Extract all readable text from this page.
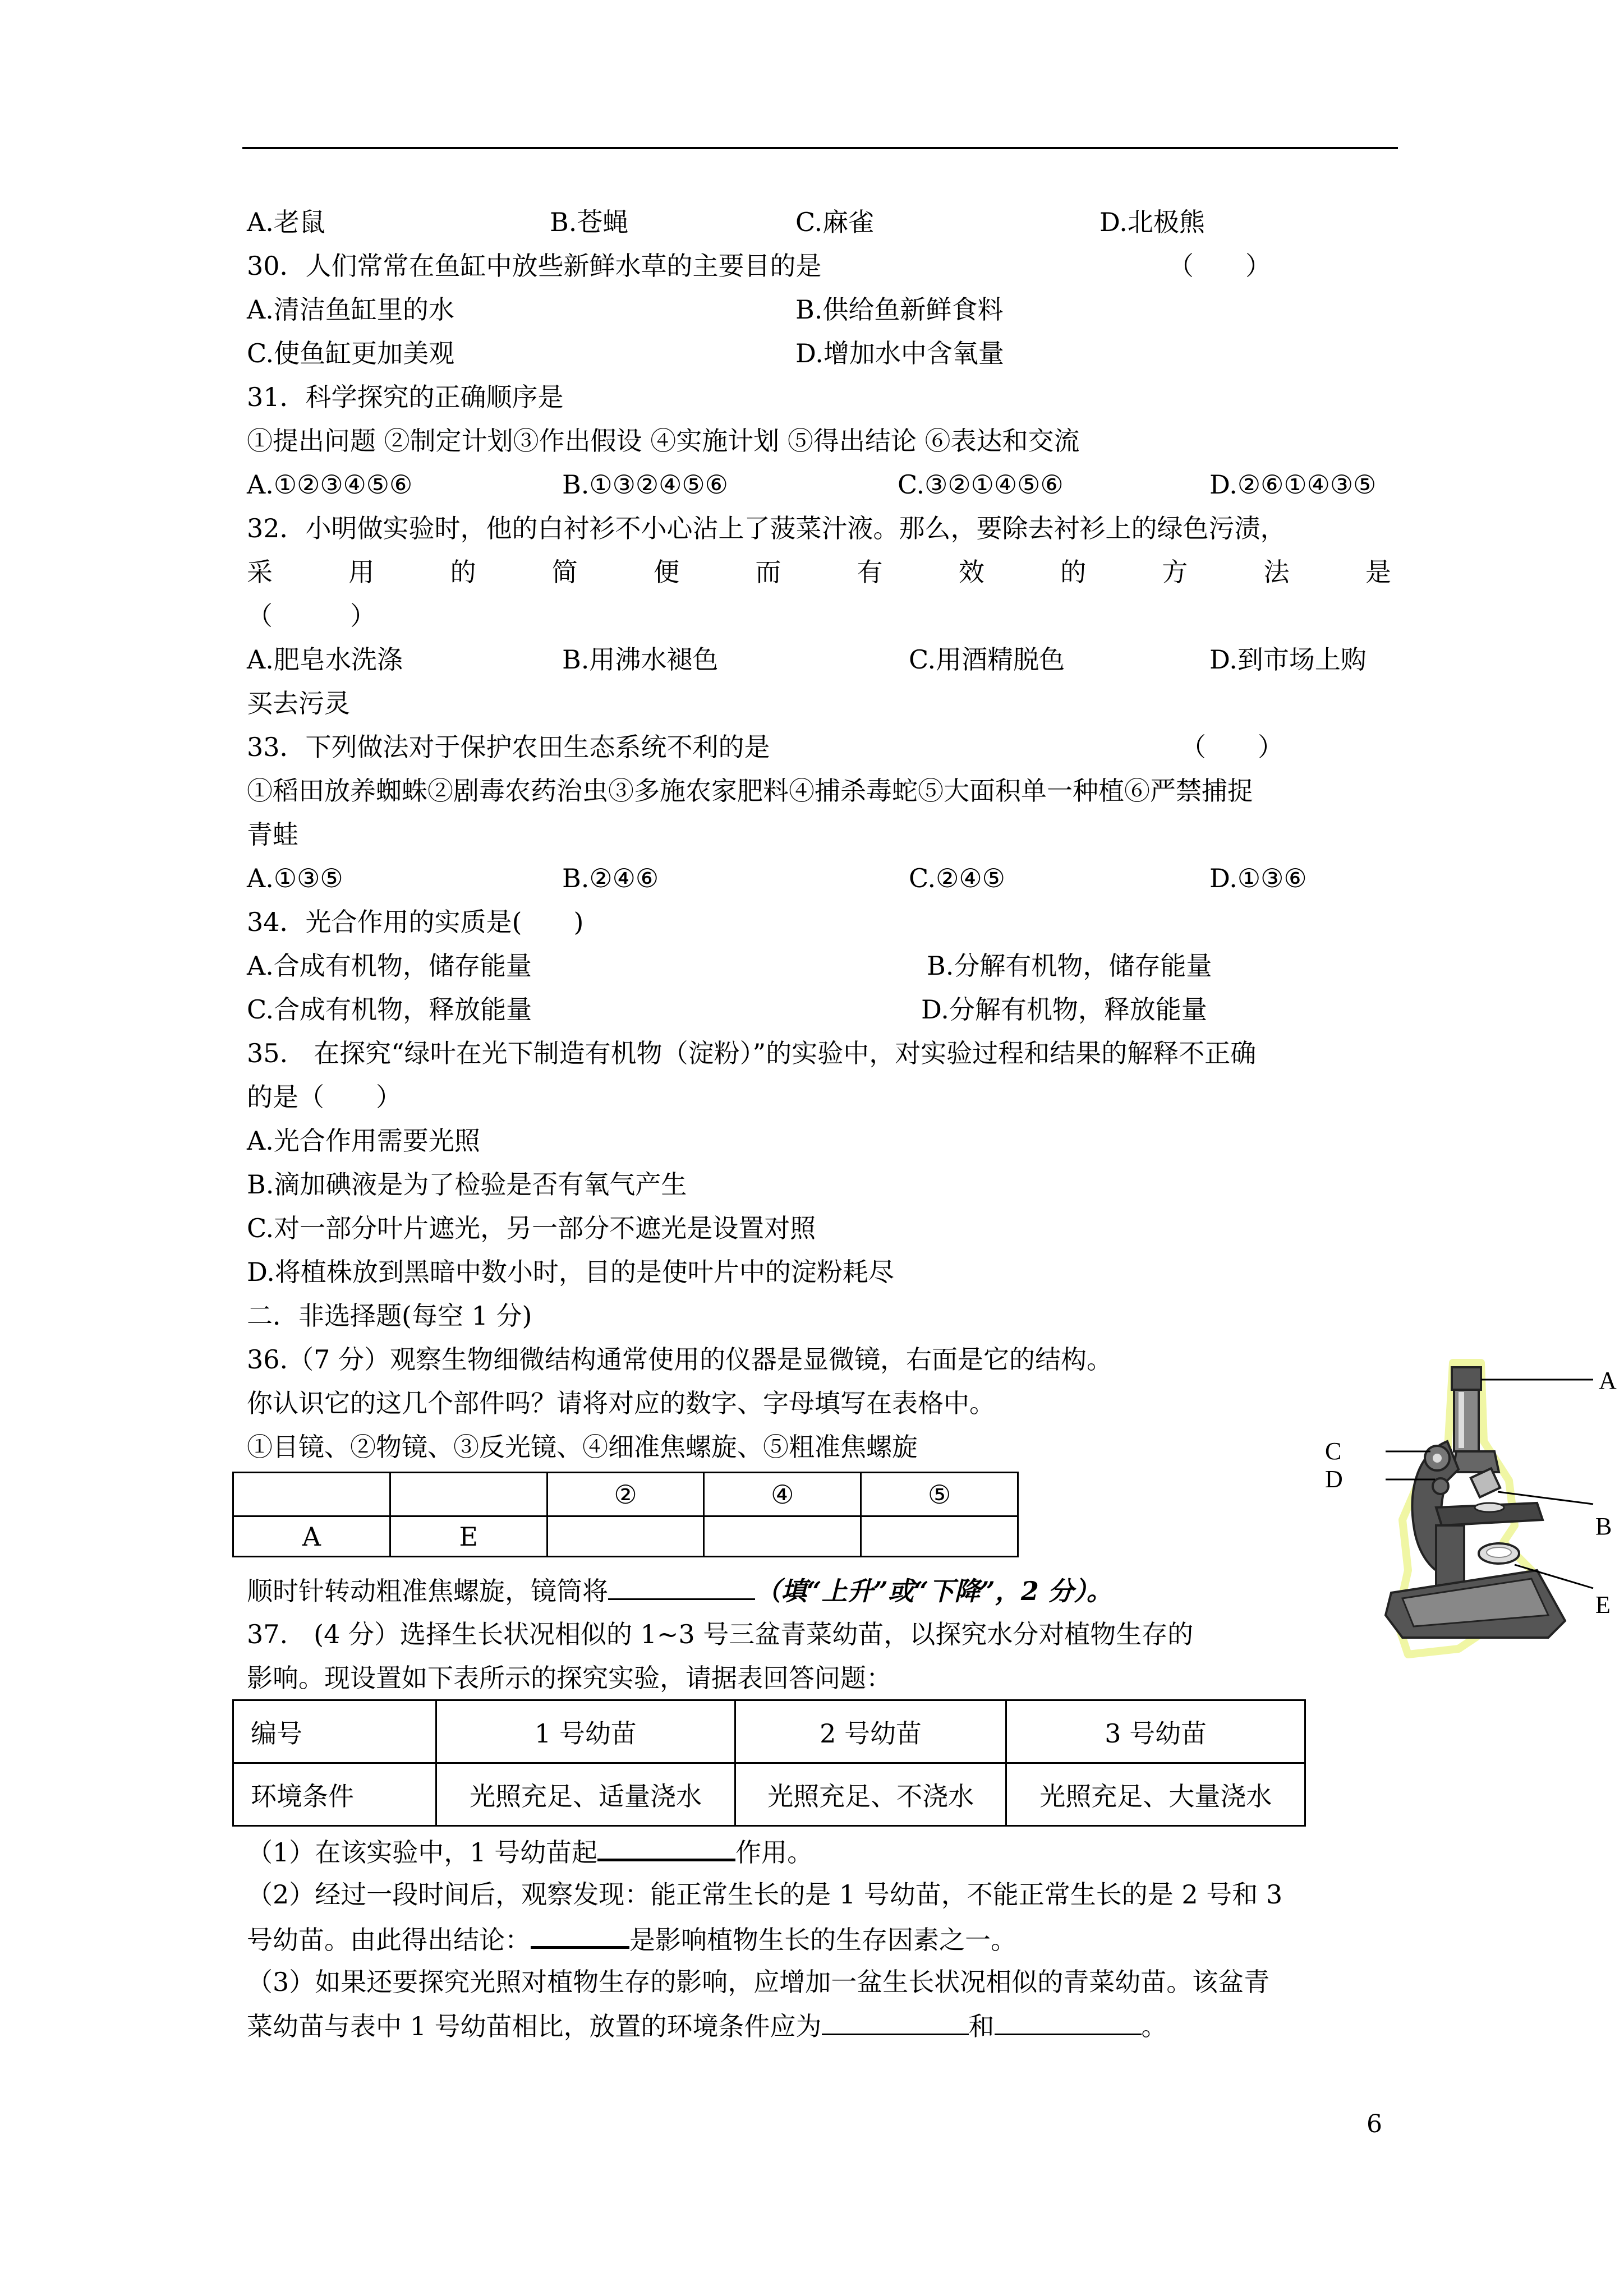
A.老鼠	B.苍蝇	C.麻雀	D.北极熊
30．人们常常在鱼缸中放些新鲜水草的主要目的是	（　　）
A.清洁鱼缸里的水	B.供给鱼新鲜食料
C.使鱼缸更加美观	D.增加水中含氧量
31．科学探究的正确顺序是
①提出问题 ②制定计划③作出假设 ④实施计划 ⑤得出结论 ⑥表达和交流
A.①②③④⑤⑥	B.①③②④⑤⑥	C.③②①④⑤⑥	D.②⑥①④③⑤
32．小明做实验时，他的白衬衫不小心沾上了菠菜汁液。那么，要除去衬衫上的绿色污渍，
采	用	的	简	便	而	有	效	的	方	法	是
（　　　）
A.肥皂水洗涤	B.用沸水褪色	C.用酒精脱色	D.到市场上购
买去污灵
33．下列做法对于保护农田生态系统不利的是	（　　）
①稻田放养蜘蛛②剧毒农药治虫③多施农家肥料④捕杀毒蛇⑤大面积单一种植⑥严禁捕捉
青蛙
A.①③⑤	B.②④⑥	C.②④⑤	D.①③⑥
34．光合作用的实质是(　　)
A.合成有机物，储存能量	B.分解有机物，储存能量
C.合成有机物，释放能量	D.分解有机物，释放能量
35.　在探究“绿叶在光下制造有机物（淀粉）”的实验中，对实验过程和结果的解释不正确
的是（　　）
A.光合作用需要光照
B.滴加碘液是为了检验是否有氧气产生
C.对一部分叶片遮光，另一部分不遮光是设置对照
D.将植株放到黑暗中数小时，目的是使叶片中的淀粉耗尽
二．非选择题(每空 1 分)
36.（7 分）观察生物细微结构通常使用的仪器是显微镜，右面是它的结构。
你认识它的这几个部件吗？请将对应的数字、字母填写在表格中。
①目镜、②物镜、③反光镜、④细准焦螺旋、⑤粗准焦螺旋
		②	④	⑤
A	E			
顺时针转动粗准焦螺旋，镜筒将	（填“上升”或“下降”，2 分）。
A
B
C
D
E
37.　(4 分）选择生长状况相似的 1~3 号三盆青菜幼苗，以探究水分对植物生存的
影响。现设置如下表所示的探究实验，请据表回答问题：
编号	1 号幼苗	2 号幼苗	3 号幼苗
环境条件	光照充足、适量浇水	光照充足、不浇水	光照充足、大量浇水
（1）在该实验中，1 号幼苗起	作用。
（2）经过一段时间后，观察发现：能正常生长的是 1 号幼苗，不能正常生长的是 2 号和 3
号幼苗。由此得出结论：	是影响植物生长的生存因素之一。
（3）如果还要探究光照对植物生存的影响，应增加一盆生长状况相似的青菜幼苗。该盆青
菜幼苗与表中 1 号幼苗相比，放置的环境条件应为	和	。
6
